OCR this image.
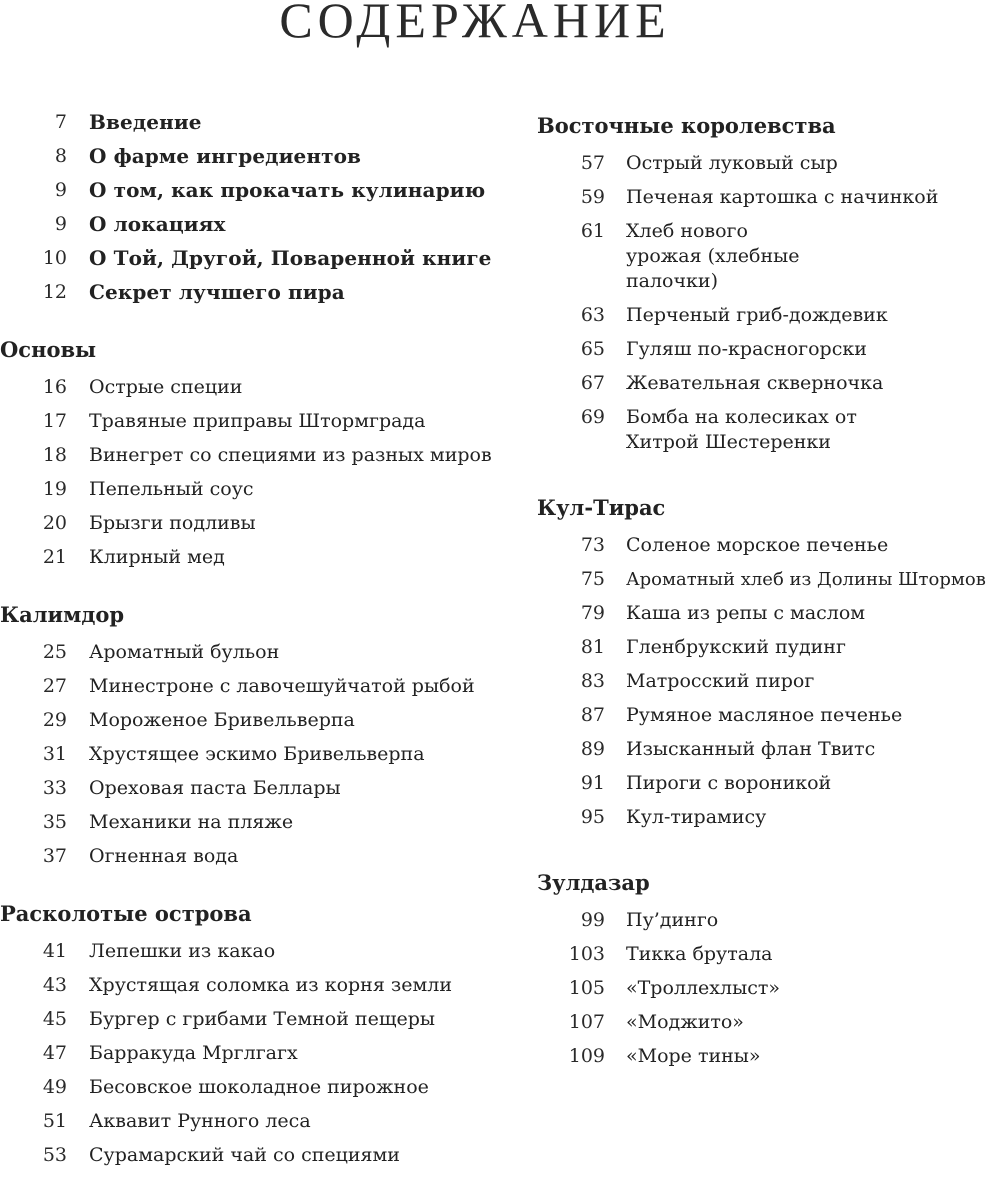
СОДЕРЖАНИЕ
7 Введение
8 О фарме ингредиентов
9 О том, как прокачать кулинарию
9 О локациях
10 О Той, Другой, Поваренной книге
12 Секрет лучшего пира
Основы
16 Острые специи
17 Травяные приправы Штормграда
18 Винегрет со специями из разных миров
19 Пепельный соус
20 Брызги подливы
21 Клирный мед
Калимдор
25 Ароматный бульон
27 Минестроне с лавочешуйчатой рыбой
29 Мороженое Бривельверпа
31 Хрустящее эскимо Бривельверпа
33 Ореховая паста Беллары
35 Механики на пляже
37 Огненная вода
Расколотые острова
41 Лепешки из какао
43 Хрустящая соломка из корня земли
45 Бургер с грибами Темной пещеры
47 Барракуда Мрглгагх
49 Бесовское шоколадное пирожное
51 Аквавит Рунного леса
53 Сурамарский чай со специями
Восточные королевства
57 Острый луковый сыр
59 Печеная картошка с начинкой
61 Хлеб нового урожая (хлебные палочки)
63 Перченый гриб-дождевик
65 Гуляш по-красногорски
67 Жевательная скверночка
69 Бомба на колесиках от Хитрой Шестеренки
Кул-Тирас
73 Соленое морское печенье
75 Ароматный хлеб из Долины Штормов
79 Каша из репы с маслом
81 Гленбрукский пудинг
83 Матросский пирог
87 Румяное масляное печенье
89 Изысканный флан Твитс
91 Пироги с вороникой
95 Кул-тирамису
Зулдазар
99 Пу’динго
103 Тикка брутала
105 «Троллехлыст»
107 «Моджито»
109 «Море тины»
